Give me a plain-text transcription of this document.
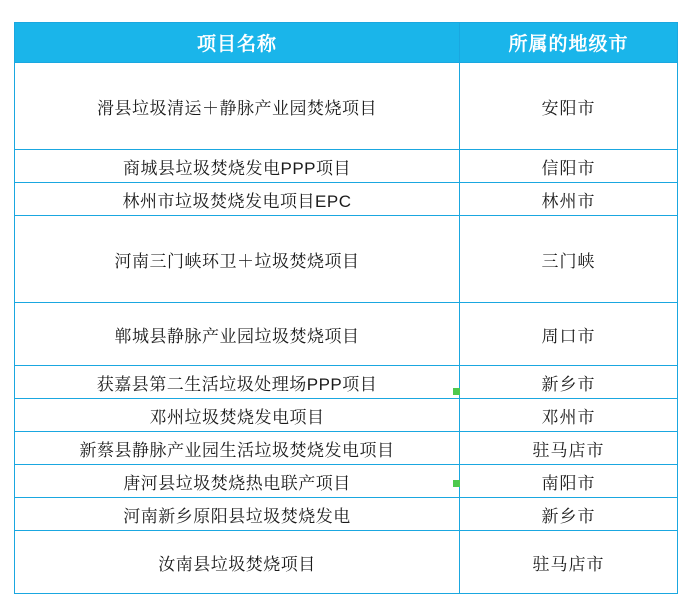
项目名称	所属的地级市
滑县垃圾清运＋静脉产业园焚烧项目	安阳市
商城县垃圾焚烧发电PPP项目	信阳市
林州市垃圾焚烧发电项目EPC	林州市
河南三门峡环卫＋垃圾焚烧项目	三门峡
郸城县静脉产业园垃圾焚烧项目	周口市
获嘉县第二生活垃圾处理场PPP项目	新乡市
邓州垃圾焚烧发电项目	邓州市
新蔡县静脉产业园生活垃圾焚烧发电项目	驻马店市
唐河县垃圾焚烧热电联产项目	南阳市
河南新乡原阳县垃圾焚烧发电	新乡市
汝南县垃圾焚烧项目	驻马店市
